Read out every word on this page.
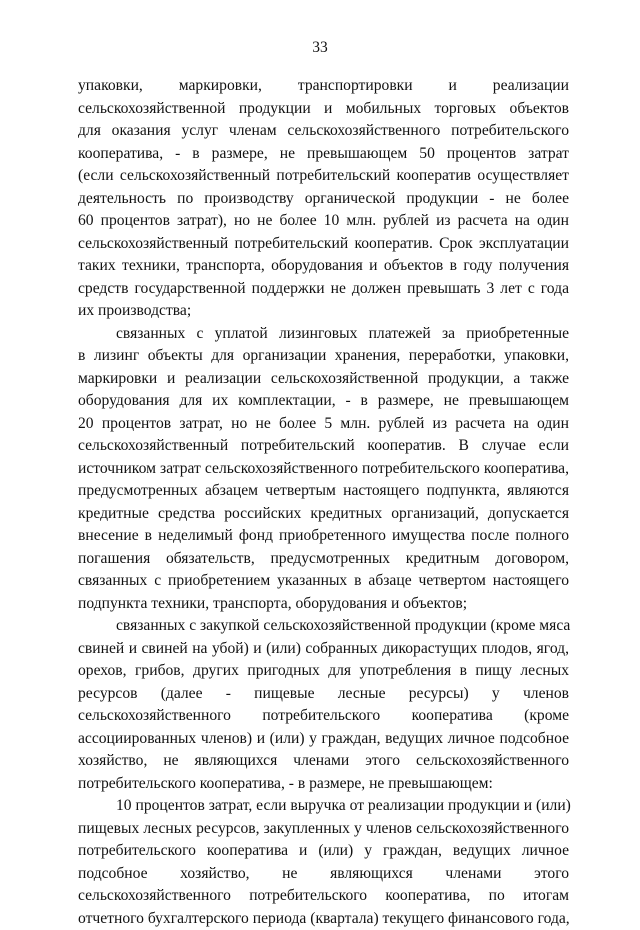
33
упаковки, маркировки, транспортировки и реализации
сельскохозяйственной продукции и мобильных торговых объектов
для оказания услуг членам сельскохозяйственного потребительского
кооператива, - в размере, не превышающем 50 процентов затрат
(если сельскохозяйственный потребительский кооператив осуществляет
деятельность по производству органической продукции - не более
60 процентов затрат), но не более 10 млн. рублей из расчета на один
сельскохозяйственный потребительский кооператив. Срок эксплуатации
таких техники, транспорта, оборудования и объектов в году получения
средств государственной поддержки не должен превышать 3 лет с года
их производства;
связанных с уплатой лизинговых платежей за приобретенные
в лизинг объекты для организации хранения, переработки, упаковки,
маркировки и реализации сельскохозяйственной продукции, а также
оборудования для их комплектации, - в размере, не превышающем
20 процентов затрат, но не более 5 млн. рублей из расчета на один
сельскохозяйственный потребительский кооператив. В случае если
источником затрат сельскохозяйственного потребительского кооператива,
предусмотренных абзацем четвертым настоящего подпункта, являются
кредитные средства российских кредитных организаций, допускается
внесение в неделимый фонд приобретенного имущества после полного
погашения обязательств, предусмотренных кредитным договором,
связанных с приобретением указанных в абзаце четвертом настоящего
подпункта техники, транспорта, оборудования и объектов;
связанных с закупкой сельскохозяйственной продукции (кроме мяса
свиней и свиней на убой) и (или) собранных дикорастущих плодов, ягод,
орехов, грибов, других пригодных для употребления в пищу лесных
ресурсов (далее - пищевые лесные ресурсы) у членов
сельскохозяйственного потребительского кооператива (кроме
ассоциированных членов) и (или) у граждан, ведущих личное подсобное
хозяйство, не являющихся членами этого сельскохозяйственного
потребительского кооператива, - в размере, не превышающем:
10 процентов затрат, если выручка от реализации продукции и (или)
пищевых лесных ресурсов, закупленных у членов сельскохозяйственного
потребительского кооператива и (или) у граждан, ведущих личное
подсобное хозяйство, не являющихся членами этого
сельскохозяйственного потребительского кооператива, по итогам
отчетного бухгалтерского периода (квартала) текущего финансового года,
